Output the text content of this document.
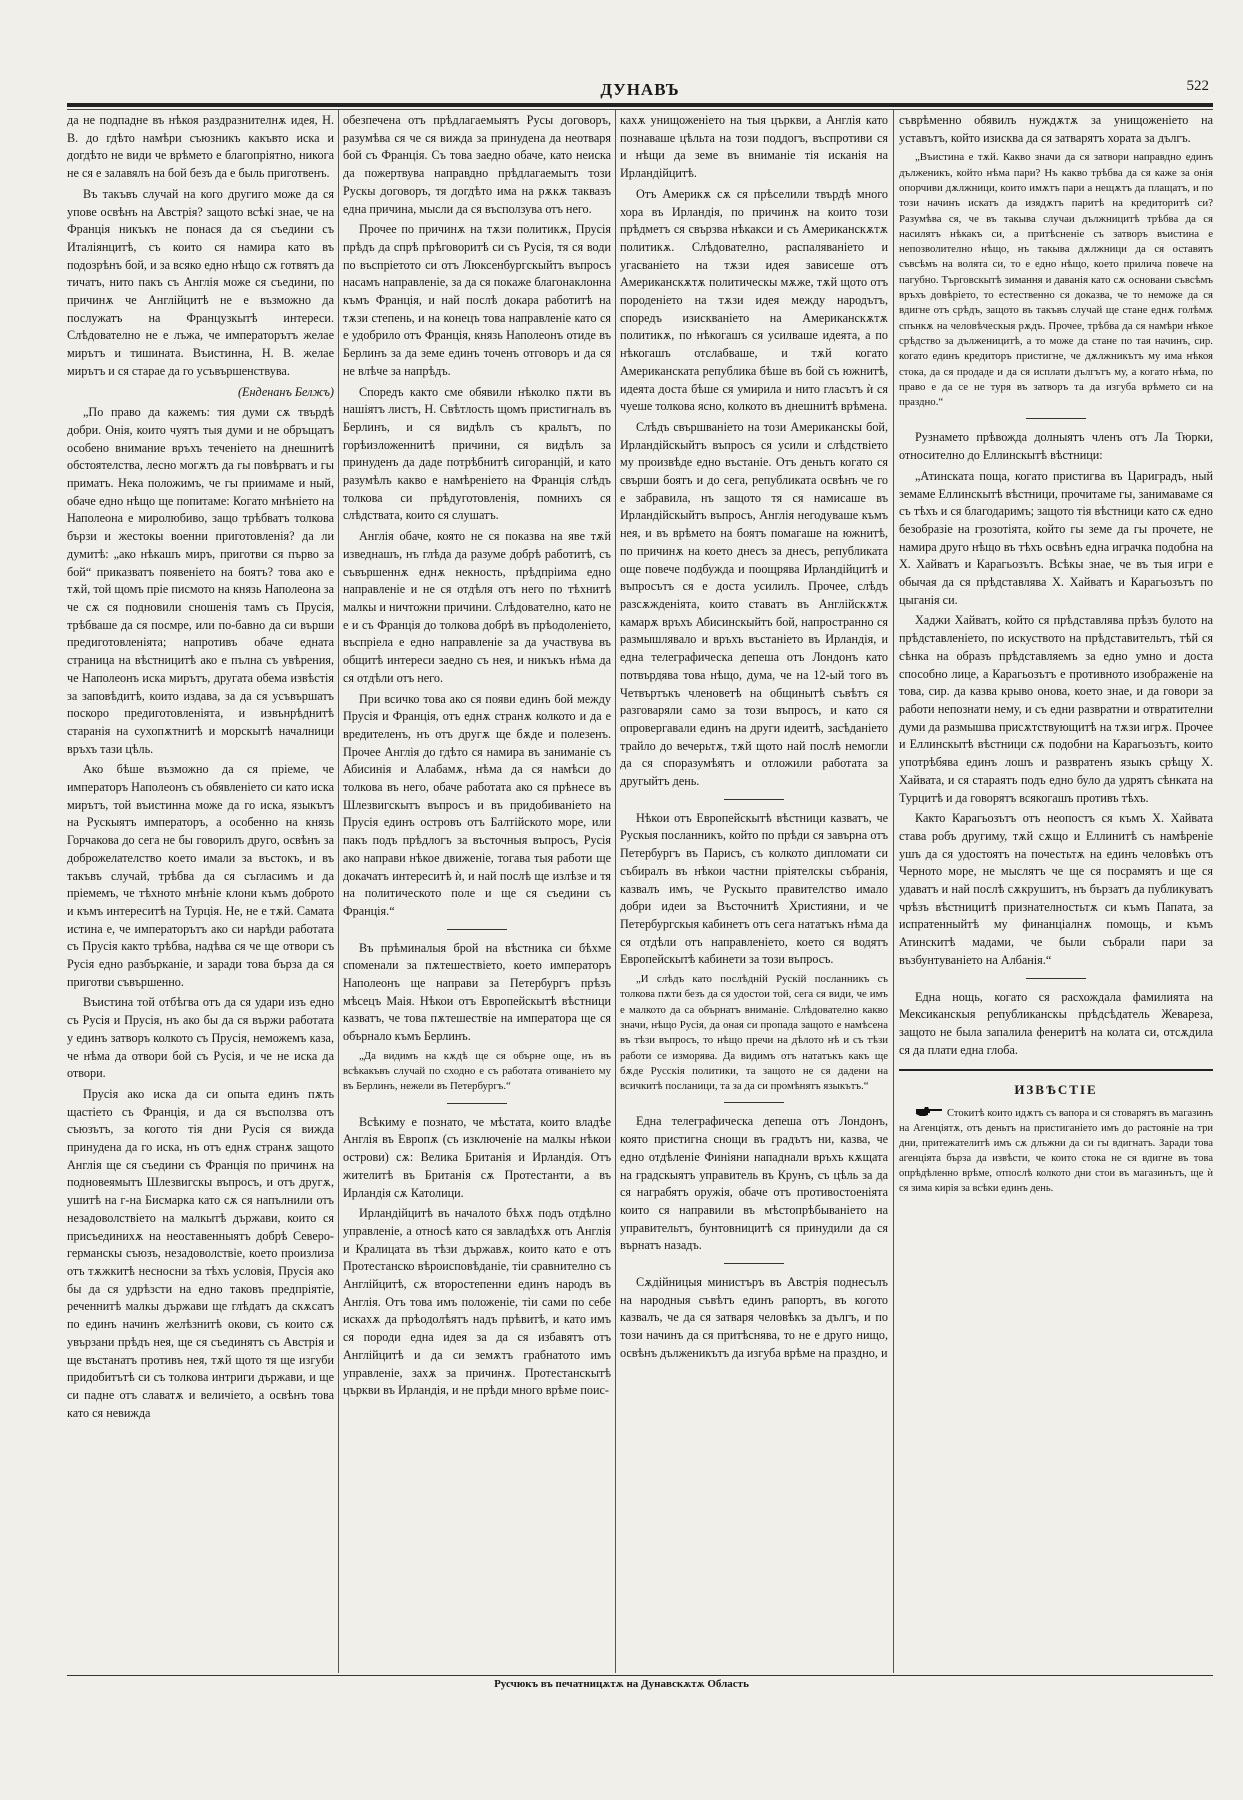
ДУНАВЪ	522

да не подпадне въ нѣкоя раздразнителнѫ идея, Н. В. до гдѣто намѣри съюзникъ какъвто иска и догдѣто не види че врѣмето е благопріятно, никога не ся е залавялъ на бой безъ да е быль приготвенъ.

Въ такъвъ случай на кого другиго може да ся упове освѣнъ на Австрія? защото всѣкі знае, че на Франція никъкъ не понася да ся съедини съ Италіянцитѣ, съ които ся намира като въ подозрѣнъ бой, и за всяко едно нѣщо сѫ готвятъ да тичатъ, нито пакъ съ Англія може ся съедини, по причинѫ че Англійцитѣ не е възможно да послужатъ на Французкытѣ интереси. Слѣдователно не е лъжа, че императорътъ желае мирътъ и тишината. Въистинна, Н. В. желае мирътъ и ся старае да го усъвършенствува.

(Енденанъ Белжъ)

„По право да кажемъ: тия думи сѫ твърдѣ добри. Онія, които чуятъ тыя думи и не обръщатъ особено внимание връхъ теченіето на днешнитѣ обстоятелства, лесно могѫтъ да гы повѣрватъ и гы приматъ. Нека положимъ, че гы приимаме и ный, обаче едно нѣщо ще попитаме: Когато мнѣніето на Наполеона е миролюбиво, защо трѣбватъ толкова бързи и жестокы военни приготовленія? да ли думитѣ: „ако нѣкашъ миръ, приготви ся първо за бой“ приказватъ появеніето на боятъ? това ако е тѫй, той щомъ пріе писмото на князь Наполеона за че сѫ ся подновили сношенія тамъ съ Прусія, трѣбваше да ся посмре, или по-бавно да си върши предиготовленіята; напротивъ обаче едната страница на вѣстницитѣ ако е пълна съ увѣрения, че Наполеонъ иска мирътъ, другата обема извѣстія за заповѣдитѣ, които издава, за да ся усъвършатъ поскоро предиготовленіята, и извънрѣднитѣ старанія на сухопѫтнитѣ и морскытѣ началници връхъ тази цѣль.

Ако бѣше възможно да ся пріеме, че императоръ Наполеонъ съ обявленіето си като иска мирътъ, той въистинна може да го иска, языкътъ на Рускыятъ императоръ, а особенно на князь Горчакова до сега не бы говорилъ друго, освѣнъ за доброжелателство което имали за въстокъ, и въ такъвъ случай, трѣбва да ся съгласимъ и да пріемемъ, че тѣхното мнѣніе клони къмъ доброто и къмъ интереситѣ на Турція. Не, не е тѫй. Самата истина е, че императорътъ ако си нарѣди работата съ Прусія както трѣбва, надѣва ся че ще отвори съ Русія едно разбърканіе, и заради това бърза да ся приготви съвършенно.

Въистина той отбѣгва отъ да ся удари изъ едно съ Русія и Прусія, нъ ако бы да ся вържи работата у единъ затворъ колкото съ Прусія, неможемъ каза, че нѣма да отвори бой съ Русія, и че не иска да отвори.

Прусія ако иска да си опыта единъ пѫть щастіето съ Франція, и да ся въсползва отъ съюзътъ, за когото тія дни Русія ся вижда принудена да го иска, нъ отъ еднѫ странѫ защото Англія ще ся съедини съ Франція по причинѫ на подновеямытъ Шлезвигскы въпросъ, и отъ другѫ, ушитѣ на г-на Бисмарка като сѫ ся напълнили отъ незадоволствіето на малкытѣ държави, които ся присъединихѫ на неоставенныятъ добрѣ Северо-германскы съюзъ, незадоволствіе, което произлиза отъ тѫжкитѣ несносни за тѣхъ условія, Прусія ако бы да ся удрѣзсти на едно таковъ предпріятіе, реченнитѣ малкы държави ще глѣдатъ да скѫсатъ по единъ начинъ желѣзнитѣ окови, съ които сѫ увързани прѣдъ нея, ще ся съединятъ съ Австрія и ще въстанатъ противъ нея, тѫй щото тя ще изгуби придобитътѣ си съ толкова интриги държави, и ще си падне отъ славатѫ и величіето, а освѣнъ това като ся невижда

обезпечена отъ прѣдлагаемыятъ Русы договоръ, разумѣва ся че ся вижда за принудена да неотваря бой съ Франція. Съ това заедно обаче, като неиска да пожертвува направдно прѣдлагаемытъ този Рускы договоръ, тя догдѣто има на рѫкѫ таквазъ една причина, мысли да ся въсползува отъ него.

Прочее по причинѫ на тѫзи политикѫ, Прусія прѣдъ да спрѣ прѣговоритѣ си съ Русія, тя ся води по въспріетото си отъ Люксенбургскыйтъ въпросъ насамъ направленіе, за да ся покаже благонаклонна къмъ Франція, и най послѣ докара работитѣ на тѫзи степень, и на конецъ това направленіе като ся е удобрило отъ Франція, князь Наполеонъ отиде въ Берлинъ за да земе единъ точенъ отговоръ и да ся не влѣче за напрѣдъ.

Споредъ както сме обявили нѣколко пѫти въ нашіятъ листъ, Н. Свѣтлость щомъ пристигналъ въ Берлинъ, и ся видѣлъ съ кральтъ, по горѣизложеннитѣ причини, ся видѣлъ за принуденъ да даде потрѣбнитѣ сигоранцій, и като разумѣлъ какво е намѣреніето на Франція слѣдъ толкова си прѣдуготовленія, помнихъ ся слѣдствата, които ся слушатъ.

Англія обаче, която не ся показва на яве тѫй изведнашъ, нъ глѣда да разуме добрѣ работитѣ, съ съвършеннѫ еднѫ некность, прѣдпріима едно направленіе и не ся отдѣля отъ него по тѣхнитѣ малкы и ничтожни причини. Слѣдователно, като не е и съ Франція до толкова добрѣ въ прѣодоленіето, въспріела е едно направленіе за да участвува въ общитѣ интереси заедно съ нея, и никъкъ нѣма да ся отдѣли отъ него.

При всичко това ако ся появи единъ бой между Прусія и Франція, отъ еднѫ странѫ колкото и да е вредителенъ, нъ отъ другѫ ще бѫде и полезенъ. Прочее Англія до гдѣто ся намира въ заниманіе съ Абисинія и Алабамѫ, нѣма да ся намѣси до толкова въ него, обаче работата ако ся прѣнесе въ Шлезвигскытъ въпросъ и въ придобиваніето на Прусія единъ островъ отъ Балтійското море, или пакъ подъ прѣдлогъ за въсточныя въпросъ, Русія ако направи нѣкое движеніе, тогава тыя работи ще докачатъ интереситѣ ѝ, и най послѣ ще излѣзе и тя на политическото поле и ще ся съедини съ Франція.“

Въ прѣминалыя брой на вѣстника си бѣхме споменали за пѫтешествіето, което императоръ Наполеонъ ще направи за Петербургъ прѣзъ мѣсецъ Маія. Нѣкои отъ Европейскытѣ вѣстници казватъ, че това пѫтешествіе на императора ще ся обърнало къмъ Берлинъ.

„Да видимъ на кѫдѣ ще ся обърне още, нъ въ всѣкакъвъ случай по сходно е съ работата отиваніето му въ Берлинъ, нежели въ Петербургъ.“

Всѣкиму е познато, че мѣстата, които владѣе Англія въ Европѫ (съ изключеніе на малкы нѣкои острови) сѫ: Велика Британія и Ирландія. Отъ жителитѣ въ Британія сѫ Протестанти, а въ Ирландія сѫ Католици.

Ирландійцитѣ въ началото бѣхѫ подъ отдѣлно управленіе, а относѣ като ся завладѣхѫ отъ Англія и Кралицата въ тѣзи държавѫ, които като е отъ Протестанско вѣроисповѣданіе, тіи сравнително съ Англійцитѣ, сѫ второстепенни единъ народъ въ Англія. Отъ това имъ положеніе, тіи сами по себе искахѫ да прѣодолѣятъ надъ прѣвитѣ, и като имъ ся породи една идея за да ся избавятъ отъ Англійцитѣ и да си земѫтъ грабнатото имъ управленіе, захѫ за причинѫ. Протестанскытѣ църкви въ Ирландія, и не прѣди много врѣме поис-

кахѫ унищоженіето на тыя църкви, а Англія като познаваше цѣльта на този поддогъ, въспротиви ся и нѣщи да земе въ вниманіе тія исканія на Ирландійцитѣ.

Отъ Америкѫ сѫ ся прѣселили твърдѣ много хора въ Ирландія, по причинѫ на които този прѣдметъ ся свързва нѣкакси и съ Американскѫтѫ политикѫ. Слѣдователно, распаляваніето и угасваніето на тѫзи идея зависеше отъ Американскѫтѫ политическы мѫже, тѫй щото отъ породеніето на тѫзи идея между народътъ, споредъ изискваніето на Американскѫтѫ политикѫ, по нѣкогашъ ся усилваше идеята, а по нѣкогашъ отслабваше, и тѫй когато Американската република бѣше въ бой съ южнитѣ, идеята доста бѣше ся умирила и нито гласътъ ѝ ся чуеше толкова ясно, колкото въ днешнитѣ врѣмена.

Слѣдъ свършваніето на този Американскы бой, Ирландійскыйтъ въпросъ ся усили и слѣдствіето му произвѣде едно въстаніе. Отъ деньтъ когато ся свърши боятъ и до сега, републиката освѣнъ че го е забравила, нъ защото тя ся намисаше въ Ирландійскыйтъ въпросъ, Англія негодуваше къмъ нея, и въ врѣмето на боятъ помагаше на южнитѣ, по причинѫ на което днесъ за днесъ, републиката още повече подбужда и поощрява Ирландійцитѣ и въпросътъ ся е доста усилилъ. Прочее, слѣдъ разсѫжденіята, които ставатъ въ Англійскѫтѫ камарѫ връхъ Абисинскыйтъ бой, напространно ся размышлявало и връхъ въстаніето въ Ирландія, и една телеграфическа депеша отъ Лондонъ като потвърдява това нѣщо, дума, че на 12-ый того въ Четвъртъкъ членоветѣ на общинытѣ съвѣтъ ся разговаряли само за този въпросъ, и като ся опровергавали единъ на други идеитѣ, засѣданіето трайло до вечерьтѫ, тѫй щото най послѣ немогли да ся споразумѣятъ и отложили работата за другыйтъ день.

Нѣкои отъ Европейскытѣ вѣстници казватъ, че Рускыя посланникъ, който по прѣди ся завърна отъ Петербургъ въ Парисъ, съ колкото дипломати си събиралъ въ нѣкои частни пріятелскы събранія, казвалъ имъ, че Рускыто правителство имало добри идеи за Въсточнитѣ Християни, и че Петербургскыя кабинетъ отъ сега нататъкъ нѣма да ся отдѣли отъ направленіето, което ся водятъ Европейскытѣ кабинети за този въпросъ.

„И слѣдъ като послѣдній Рускій посланникъ съ толкова пѫти безъ да ся удостои той, сега ся види, че имъ е малкото да са обърнатъ вниманіе. Слѣдователно какво значи, нѣщо Русія, да оная си пропада защото е намѣсена въ тѣзи въпросъ, то нѣщо пречи на дѣлото нѣ и съ тѣзи работи се изморява. Да видимъ отъ нататъкъ какъ ще бѫде Русскія политики, та защото не ся дадени на всичкитѣ посланици, та за да си промѣнятъ языкътъ.“

Една телеграфическа депеша отъ Лондонъ, която пристигна снощи въ градътъ ни, казва, че едно отдѣленіе Финіяни нападнали връхъ кѫщата на градскыятъ управитель въ Крунъ, съ цѣль за да ся награбятъ оружія, обаче отъ противостоеніята които ся направили въ мѣстопрѣбываніето на управительтъ, бунтовницитѣ ся принудили да ся върнатъ назадъ.

Сѫдійницыя министъръ въ Австрія поднесълъ на народныя съвѣтъ единъ рапортъ, въ когото казвалъ, че да ся затваря человѣкъ за дългъ, и по този начинъ да ся притѣснява, то не е друго нищо, освѣнъ дълженикътъ да изгуба врѣме на праздно, и

съврѣменно обявилъ нуждѫтѫ за унищоженіето на уставътъ, който изисква да ся затварятъ хората за дългъ.

„Въистина е тѫй. Какво значи да ся затвори направдно единъ дълженикъ, който нѣма пари? Нъ какво трѣбва да ся каже за онія опорчиви дѫлжници, които имѫтъ пари а нещѫтъ да плащатъ, и по този начинъ искатъ да изядѫтъ паритѣ на кредиторитѣ си? Разумѣва ся, че въ такыва случаи дължницитѣ трѣбва да ся насилятъ нѣкакъ си, а притѣсненіе съ затворъ въистина е непозволително нѣщо, нъ такыва дѫлжници да ся оставятъ съвсѣмъ на волята си, то е едно нѣщо, което прилича повече на пагубно. Търговскытѣ зимання и даванія като сѫ основани съвсѣмъ връхъ довѣріето, то естественно ся доказва, че то неможе да ся вдигне отъ срѣдъ, защото въ такъвъ случай ще стане еднѫ голѣмѫ спънкѫ на человѣческыя рѫдъ. Прочее, трѣбва да ся намѣри нѣкое срѣдство за дълженицитѣ, а то може да стане по тая начинъ, сир. когато единъ кредиторъ пристигне, че дѫлжникътъ му има нѣкоя стока, да ся продаде и да ся исплати дългътъ му, а когато нѣма, по право е да се не туря въ затворъ та да изгуба врѣмето си на праздно.“

Рузнамето прѣвожда долныятъ членъ отъ Ла Тюрки, относително до Еллинскытѣ вѣстници:

„Атинската поща, когато пристигва въ Цариградъ, ный земаме Еллинскытѣ вѣстници, прочитаме гы, занимаваме ся съ тѣхъ и ся благодаримъ; защото тія вѣстници като сѫ едно безобразіе на грозотіята, който гы земе да гы прочете, не намира друго нѣщо въ тѣхъ освѣнъ една играчка подобна на Х. Хайватъ и Карагьозътъ. Всѣкы знае, че въ тыя игри е обычая да ся прѣдставлява Х. Хайватъ и Карагьозътъ по цыганія си.

Хаджи Хайватъ, който ся прѣдставлява прѣзъ булото на прѣдставленіето, по искуството на прѣдставительтъ, тѣй ся сѣнка на образъ прѣдставляемъ за едно умно и доста способно лице, а Карагьозътъ е противното изображеніе на това, сир. да казва крыво онова, което знае, и да говори за работи непознати нему, и съ едни развратни и отвратителни думи да размышва присѫтствующитѣ на тѫзи игрѫ. Прочее и Еллинскытѣ вѣстници сѫ подобни на Карагьозътъ, които употрѣбява единъ лошъ и развратенъ языкъ срѣщу Х. Хайвата, и ся стараятъ подъ едно було да удрятъ сѣнката на Турцитѣ и да говорятъ всякогашъ противъ тѣхъ.

Както Карагьозътъ отъ неопостъ ся къмъ Х. Хайвата става робъ другиму, тѫй сѫщо и Еллинитѣ съ намѣреніе ушъ да ся удостоятъ на почестьтѫ на единъ человѣкъ отъ Черното море, не мыслятъ че ще ся посрамятъ и ще ся удаватъ и най послѣ сѫкрушитъ, нъ бързатъ да публикуватъ чрѣзъ вѣстницитѣ признателностьтѫ си къмъ Папата, за испратенныйтѣ му финанціалнѫ помощь, и къмъ Атинскитѣ мадами, че были събрали пари за възбунтуваніето на Албанія.“

Една нощь, когато ся расхождала фамилията на Мексиканскыя републиканскы прѣдсѣдатель Жевареза, защото не была запалила фенеритѣ на колата си, отсѫдила ся да плати една глоба.

ИЗВѢСТІЕ

Стокитѣ които идѫтъ съ вапора и ся стоварятъ въ магазинъ на Агенціятѫ, отъ деньтъ на пристиганіето имъ до растояніе на три дни, притежателитѣ имъ сѫ длъжни да си гы вдигнатъ. Заради това агенціята бърза да извѣсти, че които стока не ся вдигне въ това опрѣдѣленно врѣме, отпослѣ колкото дни стои въ магазинътъ, ще ѝ ся зима кирія за всѣки единъ день.

Русчюкъ въ печатницѫтѫ на Дунавскѫтѫ Область
